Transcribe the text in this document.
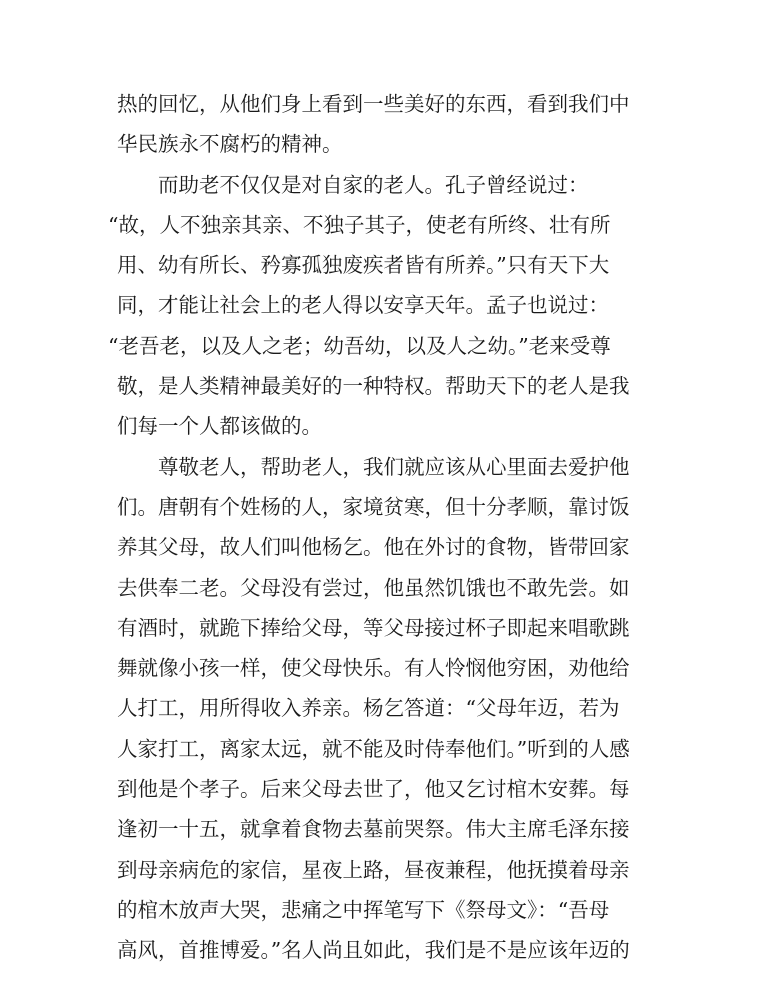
热的回忆，从他们身上看到一些美好的东西，看到我们中
华民族永不腐朽的精神。
而助老不仅仅是对自家的老人。孔子曾经说过：
“故，人不独亲其亲、不独子其子，使老有所终、壮有所
用、幼有所长、矜寡孤独废疾者皆有所养。”只有天下大
同，才能让社会上的老人得以安享天年。孟子也说过：
“老吾老，以及人之老；幼吾幼，以及人之幼。”老来受尊
敬，是人类精神最美好的一种特权。帮助天下的老人是我
们每一个人都该做的。
尊敬老人，帮助老人，我们就应该从心里面去爱护他
们。唐朝有个姓杨的人，家境贫寒，但十分孝顺，靠讨饭
养其父母，故人们叫他杨乞。他在外讨的食物，皆带回家
去供奉二老。父母没有尝过，他虽然饥饿也不敢先尝。如
有酒时，就跪下捧给父母，等父母接过杯子即起来唱歌跳
舞就像小孩一样，使父母快乐。有人怜悯他穷困，劝他给
人打工，用所得收入养亲。杨乞答道：“父母年迈，若为
人家打工，离家太远，就不能及时侍奉他们。”听到的人感
到他是个孝子。后来父母去世了，他又乞讨棺木安葬。每
逢初一十五，就拿着食物去墓前哭祭。伟大主席毛泽东接
到母亲病危的家信，星夜上路，昼夜兼程，他抚摸着母亲
的棺木放声大哭，悲痛之中挥笔写下《祭母文》：“吾母
高风，首推博爱。”名人尚且如此，我们是不是应该年迈的
